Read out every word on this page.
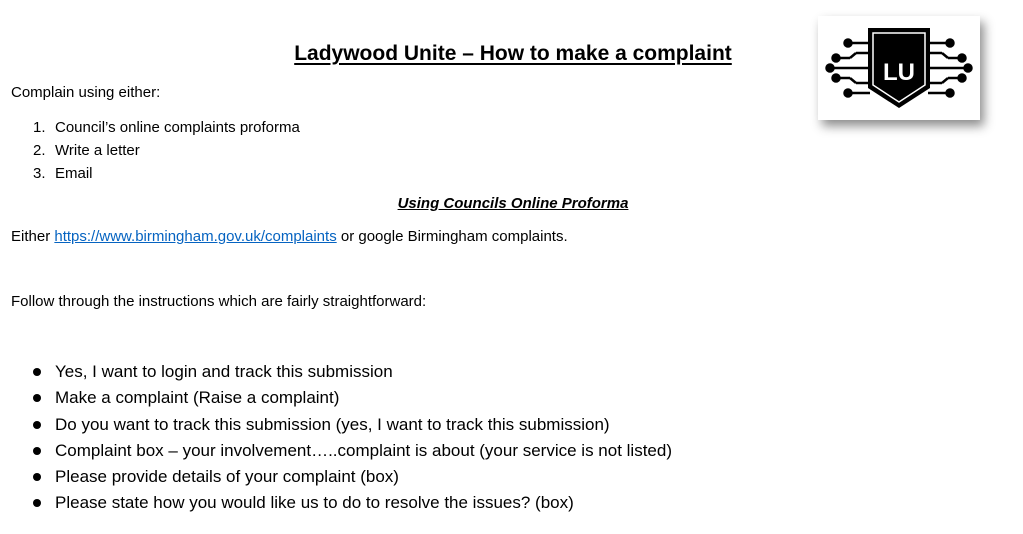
Ladywood Unite – How to make a complaint
LU

Complain using either:

1. Council’s online complaints proforma
2. Write a letter
3. Email

Using Councils Online Proforma

Either https://www.birmingham.gov.uk/complaints or google Birmingham complaints.

Follow through the instructions which are fairly straightforward:

Yes, I want to login and track this submission
Make a complaint (Raise a complaint)
Do you want to track this submission (yes, I want to track this submission)
Complaint box – your involvement…..complaint is about (your service is not listed)
Please provide details of your complaint (box)
Please state how you would like us to do to resolve the issues? (box)
